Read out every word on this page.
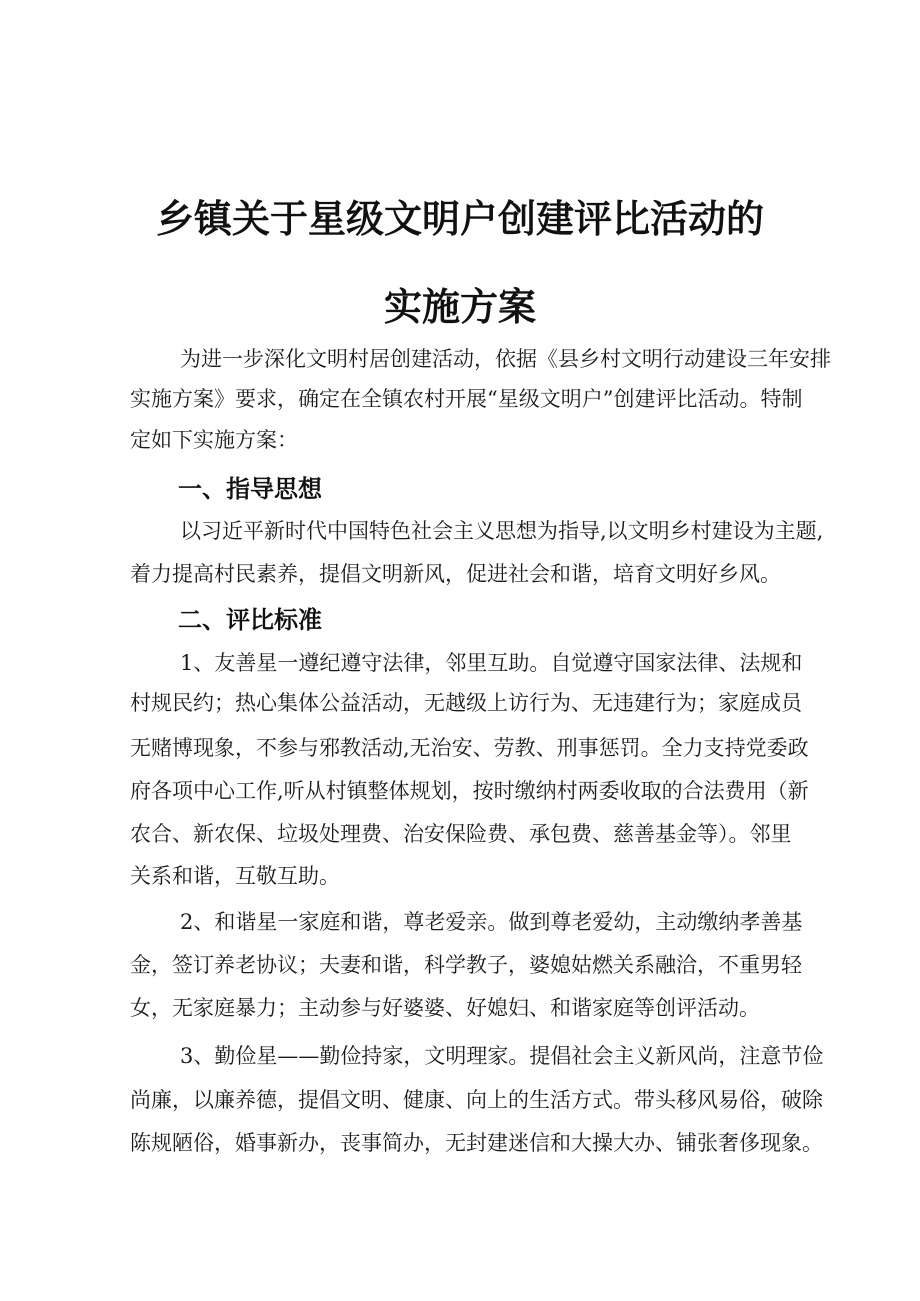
乡镇关于星级文明户创建评比活动的
实施方案

为进一步深化文明村居创建活动，依据《县乡村文明行动建设三年安排

实施方案》要求，确定在全镇农村开展“星级文明户”创建评比活动。特制

定如下实施方案：

一、指导思想

以习近平新时代中国特色社会主义思想为指导,以文明乡村建设为主题,

着力提高村民素养，提倡文明新风，促进社会和谐，培育文明好乡风。

二、评比标准

1、友善星一遵纪遵守法律，邻里互助。自觉遵守国家法律、法规和

村规民约；热心集体公益活动，无越级上访行为、无违建行为；家庭成员

无赌博现象，不参与邪教活动,无治安、劳教、刑事惩罚。全力支持党委政

府各项中心工作,听从村镇整体规划，按时缴纳村两委收取的合法费用（新

农合、新农保、垃圾处理费、治安保险费、承包费、慈善基金等）。邻里

关系和谐，互敬互助。

2、和谐星一家庭和谐，尊老爱亲。做到尊老爱幼，主动缴纳孝善基

金，签订养老协议；夫妻和谐，科学教子，婆媳姑燃关系融洽，不重男轻

女，无家庭暴力；主动参与好婆婆、好媳妇、和谐家庭等创评活动。

3、勤俭星——勤俭持家，文明理家。提倡社会主义新风尚，注意节俭

尚廉，以廉养德，提倡文明、健康、向上的生活方式。带头移风易俗，破除

陈规陋俗，婚事新办，丧事简办，无封建迷信和大操大办、铺张奢侈现象。
